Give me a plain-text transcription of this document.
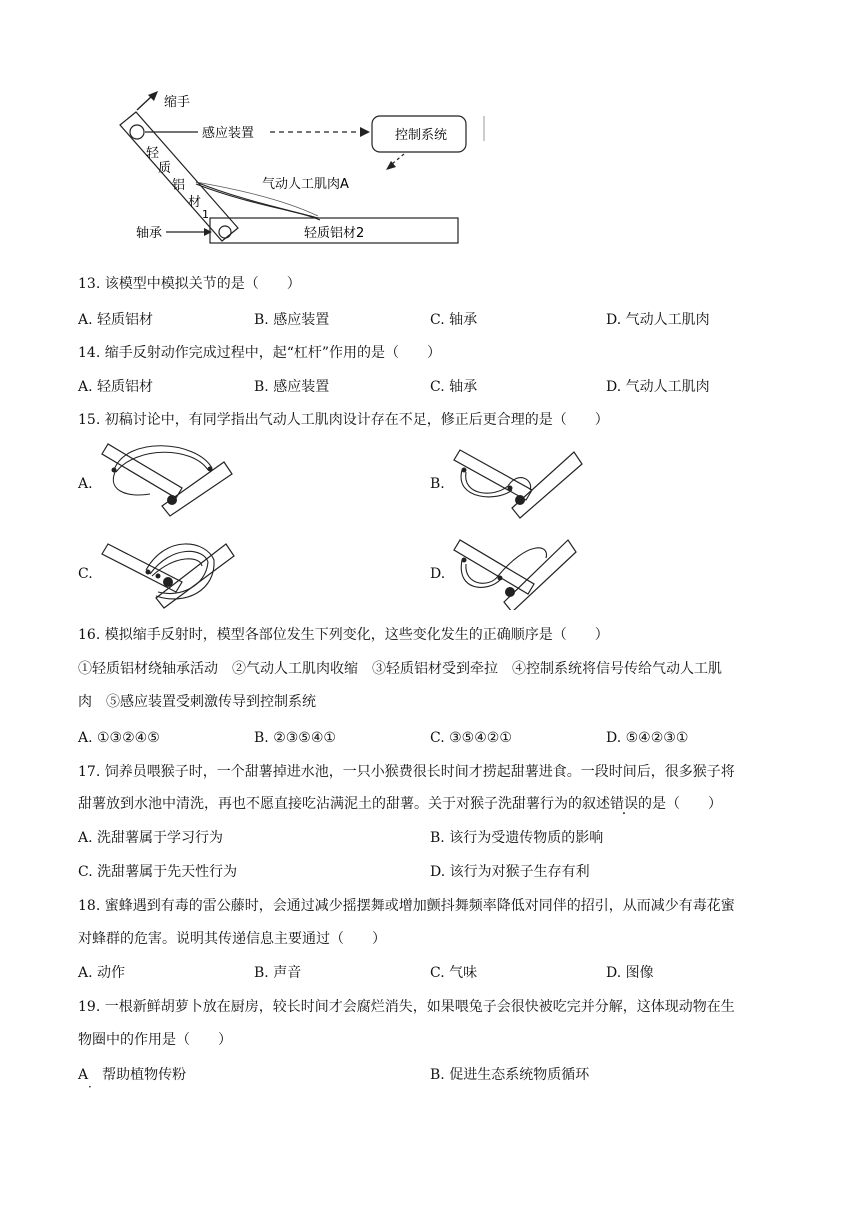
缩手
感应装置	控制系统
轻
质
铝
材
1
气动人工肌肉A
轻质铝材2
轴承
13. 该模型中模拟关节的是（　　）
A. 轻质铝材	B. 感应装置	C. 轴承	D. 气动人工肌肉
14. 缩手反射动作完成过程中，起“杠杆”作用的是（　　）
A. 轻质铝材	B. 感应装置	C. 轴承	D. 气动人工肌肉
15. 初稿讨论中，有同学指出气动人工肌肉设计存在不足，修正后更合理的是（　　）
A.	B.
C.	D.
16. 模拟缩手反射时，模型各部位发生下列变化，这些变化发生的正确顺序是（　　）
①轻质铝材绕轴承活动　②气动人工肌肉收缩　③轻质铝材受到牵拉　④控制系统将信号传给气动人工肌
肉　⑤感应装置受刺激传导到控制系统
A. ①③②④⑤	B. ②③⑤④①	C. ③⑤④②①	D. ⑤④②③①
17. 饲养员喂猴子时，一个甜薯掉进水池，一只小猴费很长时间才捞起甜薯进食。一段时间后，很多猴子将
甜薯放到水池中清洗，再也不愿直接吃沾满泥土的甜薯。关于对猴子洗甜薯行为的叙述错误的是（　　）
A. 洗甜薯属于学习行为	B. 该行为受遗传物质的影响
C. 洗甜薯属于先天性行为	D. 该行为对猴子生存有利
18. 蜜蜂遇到有毒的雷公藤时，会通过减少摇摆舞或增加颤抖舞频率降低对同伴的招引，从而减少有毒花蜜
对蜂群的危害。说明其传递信息主要通过（　　）
A. 动作	B. 声音	C. 气味	D. 图像
19. 一根新鲜胡萝卜放在厨房，较长时间才会腐烂消失，如果喂兔子会很快被吃完并分解，这体现动物在生
物圈中的作用是（　　）
A　帮助植物传粉	B. 促进生态系统物质循环
·
